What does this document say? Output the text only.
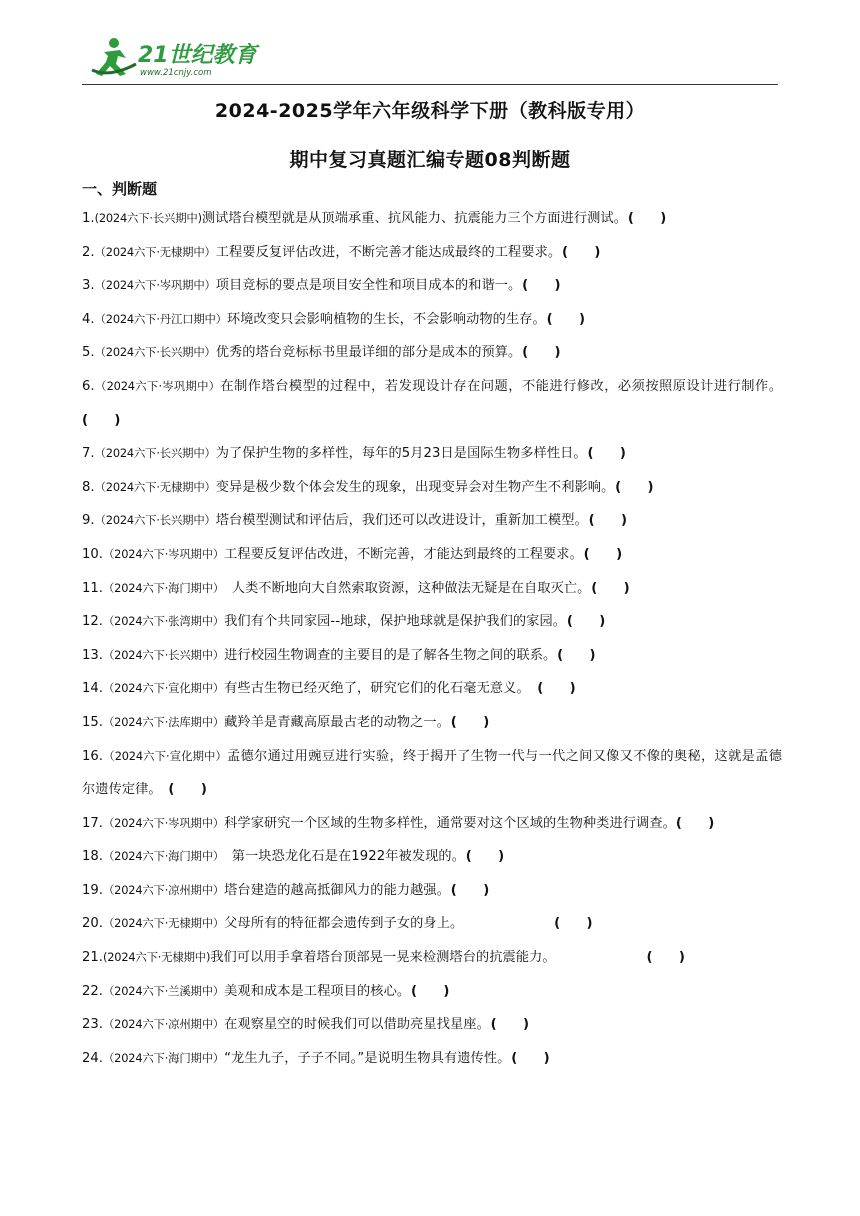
21世纪教育
www.21cnjy.com
2024-2025学年六年级科学下册（教科版专用）
期中复习真题汇编专题08判断题
一、判断题
1.(2024六下·长兴期中)测试塔台模型就是从顶端承重、抗风能力、抗震能力三个方面进行测试。(　　)
2.（2024六下·无棣期中）工程要反复评估改进，不断完善才能达成最终的工程要求。(　　)
3.（2024六下·岑巩期中）项目竞标的要点是项目安全性和项目成本的和谐一。(　　)
4.（2024六下·丹江口期中）环境改变只会影响植物的生长，不会影响动物的生存。(　　)
5.（2024六下·长兴期中）优秀的塔台竞标标书里最详细的部分是成本的预算。(　　)
6.（2024六下·岑巩期中）在制作塔台模型的过程中，若发现设计存在问题，不能进行修改，必须按照原设计进行制作。(　　)
7.（2024六下·长兴期中）为了保护生物的多样性，每年的5月23日是国际生物多样性日。(　　)
8.（2024六下·无棣期中）变异是极少数个体会发生的现象，出现变异会对生物产生不利影响。(　　)
9.（2024六下·长兴期中）塔台模型测试和评估后，我们还可以改进设计，重新加工模型。(　　)
10.（2024六下·岑巩期中）工程要反复评估改进，不断完善，才能达到最终的工程要求。(　　)
11.（2024六下·海门期中）　人类不断地向大自然索取资源，这种做法无疑是在自取灭亡。(　　)
12.（2024六下·张湾期中）我们有个共同家园--地球，保护地球就是保护我们的家园。(　　)
13.（2024六下·长兴期中）进行校园生物调查的主要目的是了解各生物之间的联系。(　　)
14.（2024六下·宣化期中）有些古生物已经灭绝了，研究它们的化石毫无意义。　(　　)
15.（2024六下·法库期中）藏羚羊是青藏高原最古老的动物之一。(　　)
16.（2024六下·宣化期中）孟德尔通过用豌豆进行实验，终于揭开了生物一代与一代之间又像又不像的奥秘，这就是孟德尔遗传定律。　(　　)
17.（2024六下·岑巩期中）科学家研究一个区域的生物多样性，通常要对这个区域的生物种类进行调查。(　　)
18.（2024六下·海门期中）　第一块恐龙化石是在1922年被发现的。(　　)
19.（2024六下·凉州期中）塔台建造的越高抵御风力的能力越强。(　　)
20.（2024六下·无棣期中）父母所有的特征都会遗传到子女的身上。	(　　)
21.(2024六下·无棣期中)我们可以用手拿着塔台顶部晃一晃来检测塔台的抗震能力。	(　　)
22.（2024六下·兰溪期中）美观和成本是工程项目的核心。(　　)
23.（2024六下·凉州期中）在观察星空的时候我们可以借助亮星找星座。(　　)
24.（2024六下·海门期中）“龙生九子，子子不同。”是说明生物具有遗传性。(　　)
